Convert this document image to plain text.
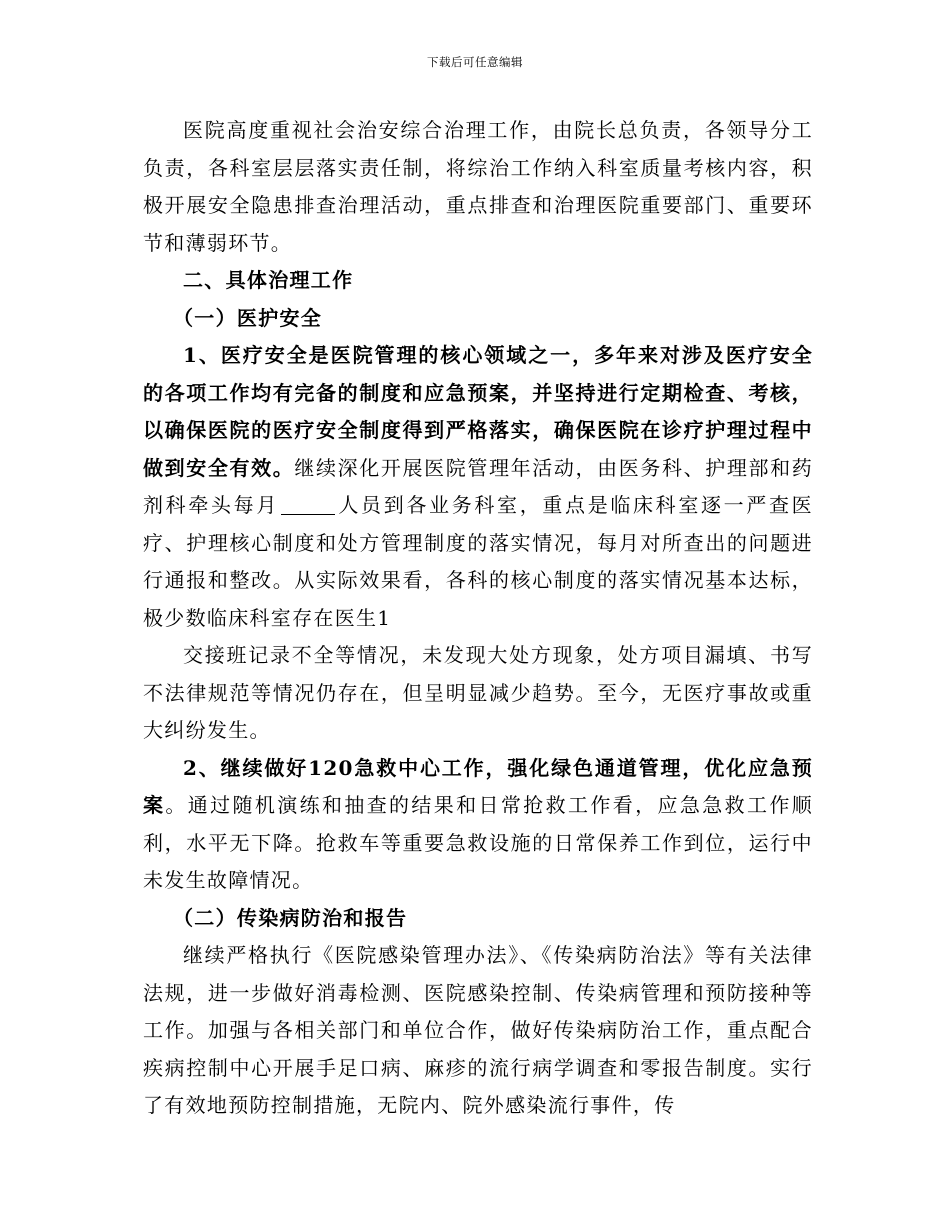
下载后可任意编辑

医院高度重视社会治安综合治理工作，由院长总负责，各领导分工负责，各科室层层落实责任制，将综治工作纳入科室质量考核内容，积极开展安全隐患排查治理活动，重点排查和治理医院重要部门、重要环节和薄弱环节。

二、具体治理工作

（一）医护安全

1、医疗安全是医院管理的核心领域之一，多年来对涉及医疗安全的各项工作均有完备的制度和应急预案，并坚持进行定期检查、考核，以确保医院的医疗安全制度得到严格落实，确保医院在诊疗护理过程中做到安全有效。继续深化开展医院管理年活动，由医务科、护理部和药剂科牵头每月	人员到各业务科室，重点是临床科室逐一严查医疗、护理核心制度和处方管理制度的落实情况，每月对所查出的问题进行通报和整改。从实际效果看，各科的核心制度的落实情况基本达标，极少数临床科室存在医生1

交接班记录不全等情况，未发现大处方现象，处方项目漏填、书写不法律规范等情况仍存在，但呈明显减少趋势。至今，无医疗事故或重大纠纷发生。

2、继续做好120急救中心工作，强化绿色通道管理，优化应急预案。通过随机演练和抽查的结果和日常抢救工作看，应急急救工作顺利，水平无下降。抢救车等重要急救设施的日常保养工作到位，运行中未发生故障情况。

（二）传染病防治和报告

继续严格执行《医院感染管理办法》、《传染病防治法》等有关法律法规，进一步做好消毒检测、医院感染控制、传染病管理和预防接种等工作。加强与各相关部门和单位合作，做好传染病防治工作，重点配合疾病控制中心开展手足口病、麻疹的流行病学调查和零报告制度。实行了有效地预防控制措施，无院内、院外感染流行事件，传
